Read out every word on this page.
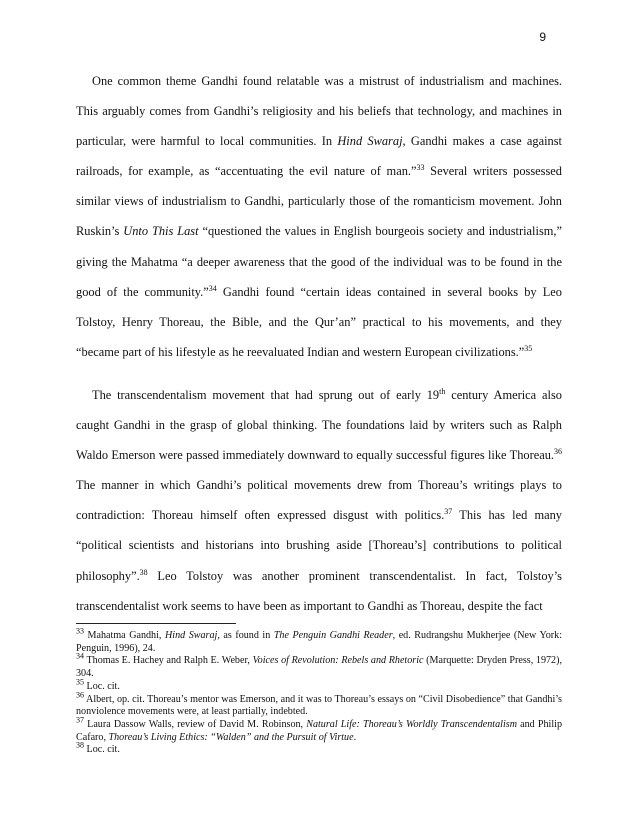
9

One common theme Gandhi found relatable was a mistrust of industrialism and machines. This arguably comes from Gandhi’s religiosity and his beliefs that technology, and machines in particular, were harmful to local communities. In Hind Swaraj, Gandhi makes a case against railroads, for example, as “accentuating the evil nature of man.”$^{33}$ Several writers possessed similar views of industrialism to Gandhi, particularly those of the romanticism movement. John Ruskin’s Unto This Last “questioned the values in English bourgeois society and industrialism,” giving the Mahatma “a deeper awareness that the good of the individual was to be found in the good of the community.”$^{34}$ Gandhi found “certain ideas contained in several books by Leo Tolstoy, Henry Thoreau, the Bible, and the Qur’an” practical to his movements, and they “became part of his lifestyle as he reevaluated Indian and western European civilizations.”$^{35}$

The transcendentalism movement that had sprung out of early 19th century America also caught Gandhi in the grasp of global thinking. The foundations laid by writers such as Ralph Waldo Emerson were passed immediately downward to equally successful figures like Thoreau.$^{36}$ The manner in which Gandhi’s political movements drew from Thoreau’s writings plays to contradiction: Thoreau himself often expressed disgust with politics.$^{37}$ This has led many “political scientists and historians into brushing aside [Thoreau’s] contributions to political philosophy”.$^{38}$ Leo Tolstoy was another prominent transcendentalist. In fact, Tolstoy’s transcendentalist work seems to have been as important to Gandhi as Thoreau, despite the fact

$^{33}$ Mahatma Gandhi, Hind Swaraj, as found in The Penguin Gandhi Reader, ed. Rudrangshu Mukherjee (New York: Penguin, 1996), 24.

$^{34}$ Thomas E. Hachey and Ralph E. Weber, Voices of Revolution: Rebels and Rhetoric (Marquette: Dryden Press, 1972), 304.

$^{35}$ Loc. cit.

$^{36}$ Albert, op. cit. Thoreau’s mentor was Emerson, and it was to Thoreau’s essays on “Civil Disobedience” that Gandhi’s nonviolence movements were, at least partially, indebted.

$^{37}$ Laura Dassow Walls, review of David M. Robinson, Natural Life: Thoreau’s Worldly Transcendentalism and Philip Cafaro, Thoreau’s Living Ethics: “Walden” and the Pursuit of Virtue.

$^{38}$ Loc. cit.
